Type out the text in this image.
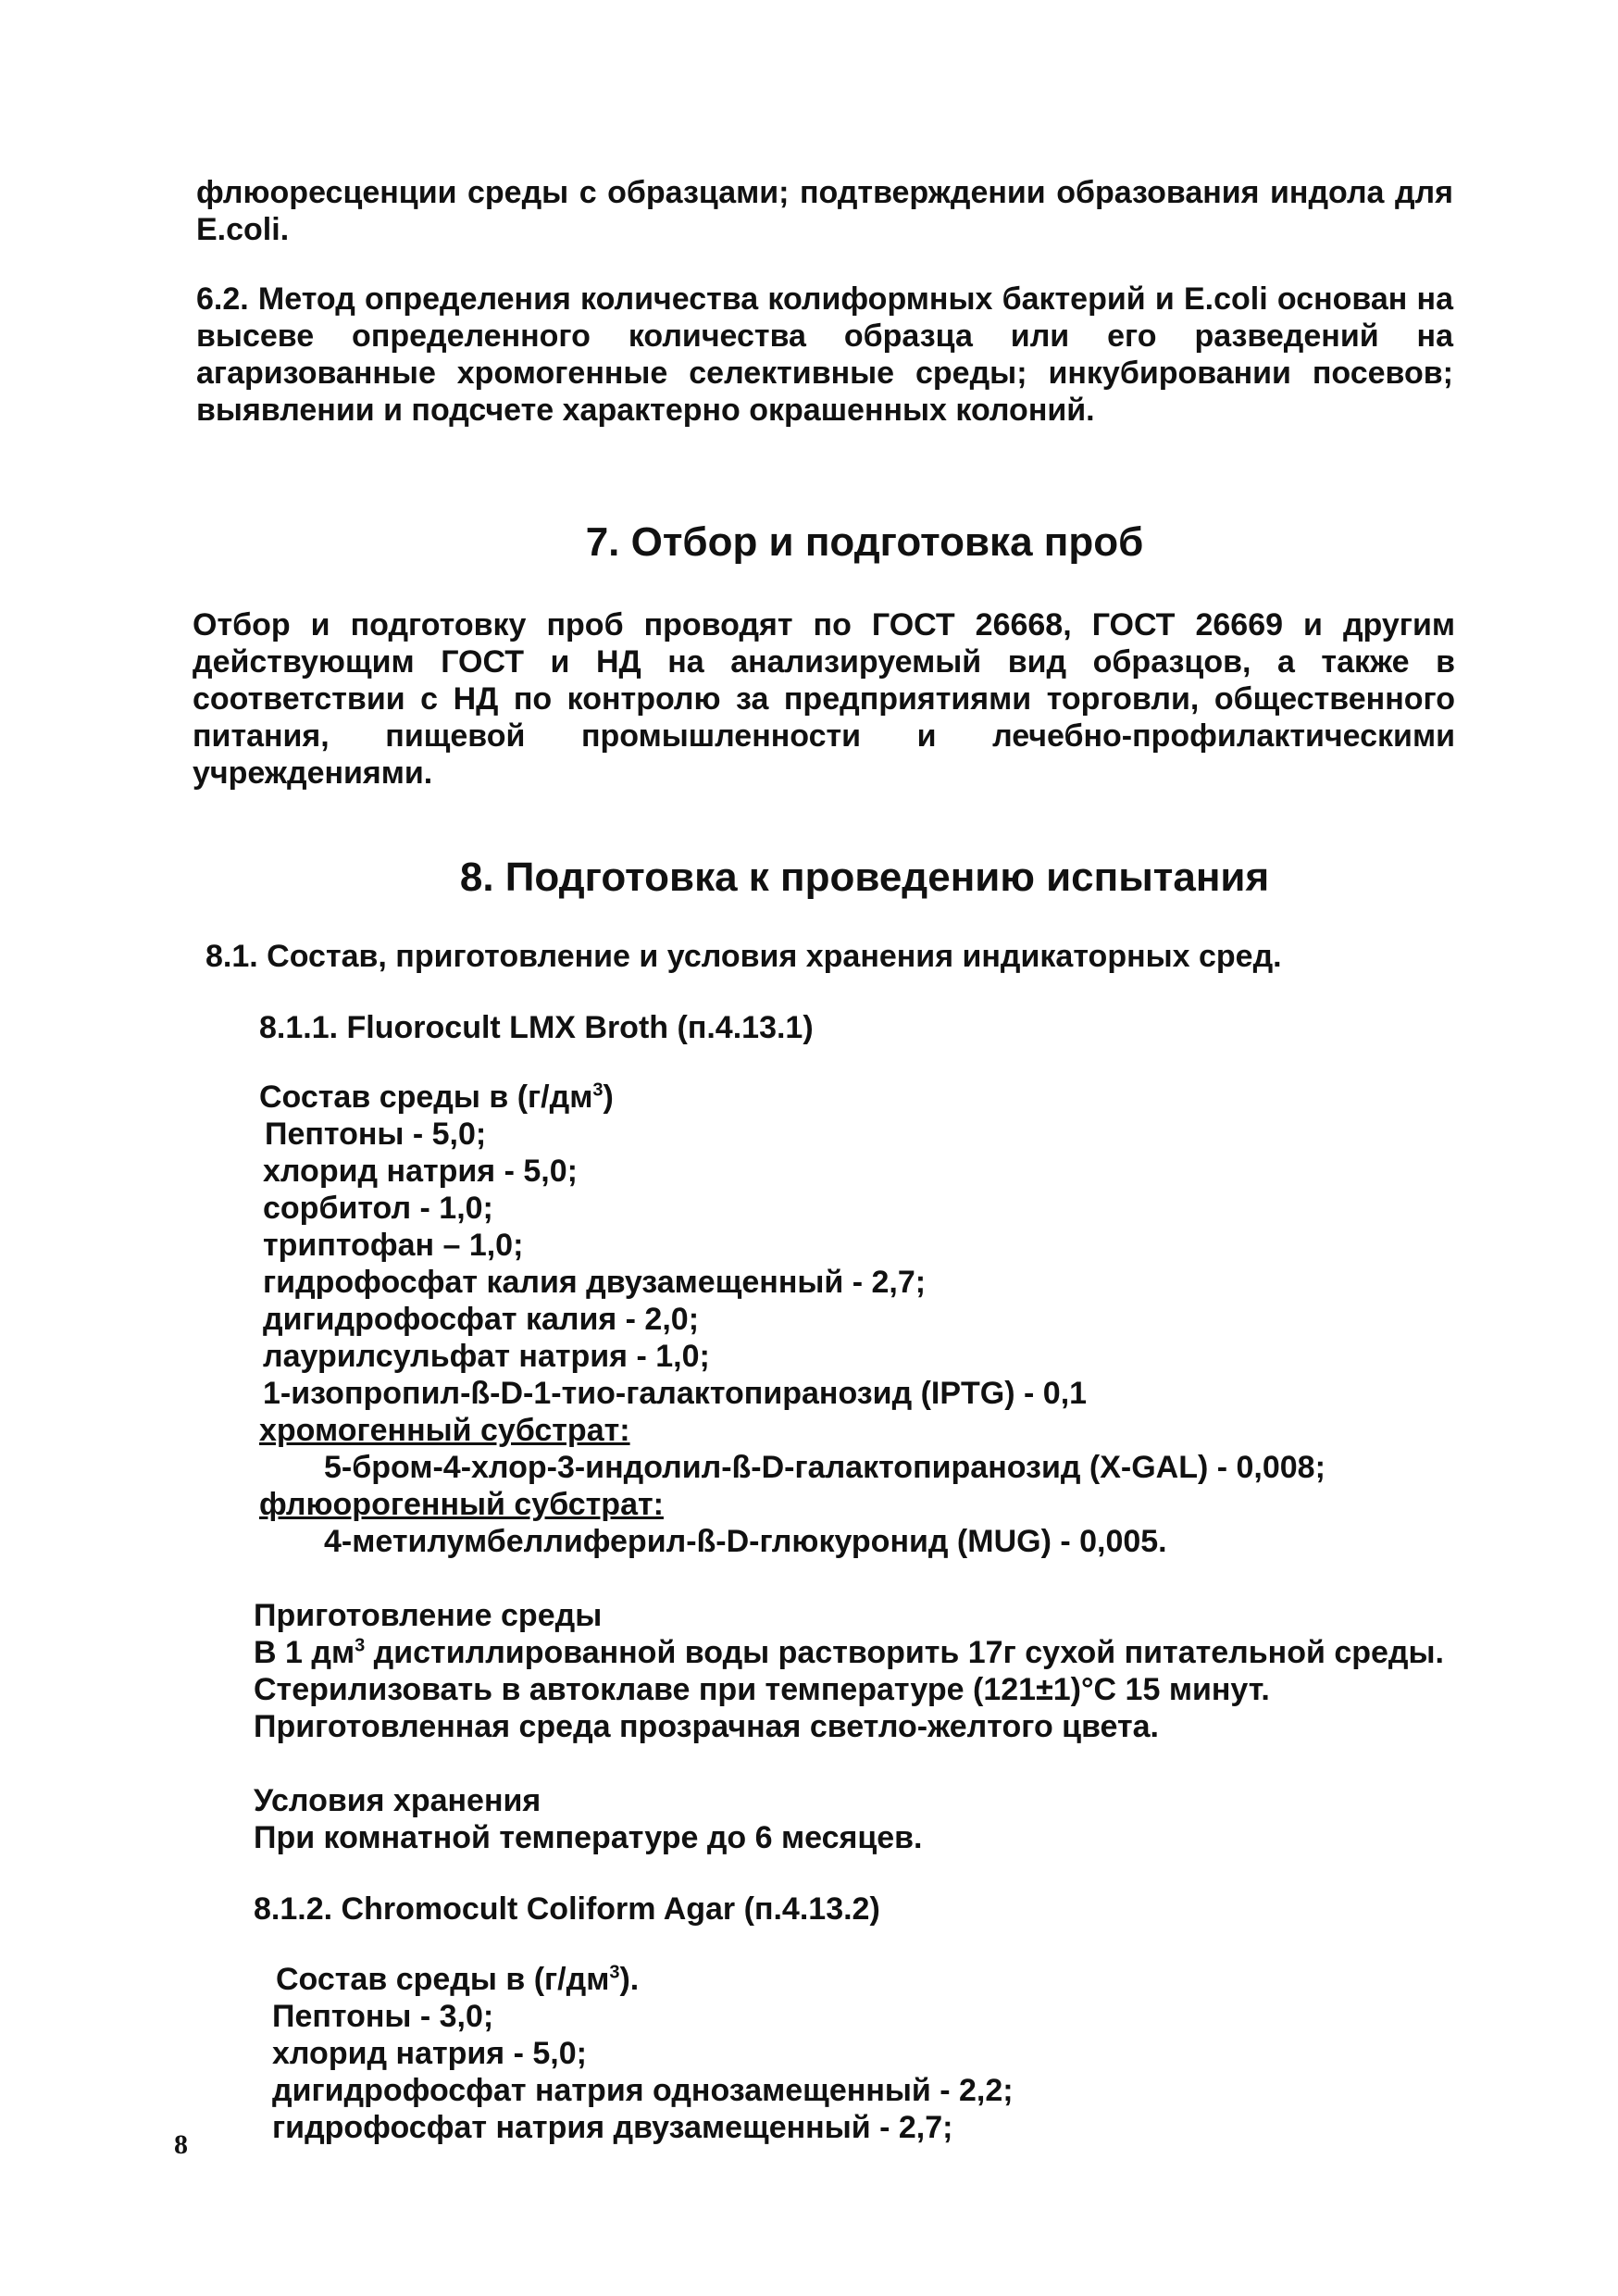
флюоресценции среды с образцами; подтверждении образования индола для E.coli.

6.2. Метод определения количества колиформных бактерий и E.coli основан на высеве определенного количества образца или его разведений на агаризованные хромогенные селективные среды; инкубировании посевов; выявлении и подсчете характерно окрашенных колоний.

7. Отбор и подготовка проб

Отбор и подготовку проб проводят по ГОСТ 26668, ГОСТ 26669 и другим действующим ГОСТ и НД на анализируемый вид образцов, а также в соответствии с НД по контролю за предприятиями торговли, общественного питания, пищевой промышленности и лечебно-профилактическими учреждениями.

8. Подготовка к проведению испытания

8.1. Состав, приготовление и условия хранения индикаторных сред.

8.1.1. Fluorocult LMX Broth (п.4.13.1)

Состав среды в $(г/дм^3)$

Пептоны - 5,0;

хлорид натрия - 5,0;

сорбитол - 1,0;

триптофан – 1,0;

гидрофосфат калия двузамещенный - 2,7;

дигидрофосфат калия - 2,0;

лаурилсульфат натрия - 1,0;

1-изопропил-ß-D-1-тио-галактопиранозид (IPTG) - 0,1

хромогенный субстрат:

5-бром-4-хлор-3-индолил-ß-D-галактопиранозид (X-GAL) - 0,008;

флюорогенный субстрат:

4-метилумбеллиферил-ß-D-глюкуронид (MUG) - 0,005.

Приготовление среды

В 1 $дм^3$ дистиллированной воды растворить 17г сухой питательной среды.

Стерилизовать в автоклаве при температуре (121±1)°С 15 минут.

Приготовленная среда прозрачная светло-желтого цвета.

Условия хранения

При комнатной температуре до 6 месяцев.

8.1.2. Chromocult Coliform Agar (п.4.13.2)

Состав среды в $(г/дм^3)$.

Пептоны - 3,0;

хлорид натрия - 5,0;

дигидрофосфат натрия однозамещенный - 2,2;

гидрофосфат натрия двузамещенный - 2,7;

8
